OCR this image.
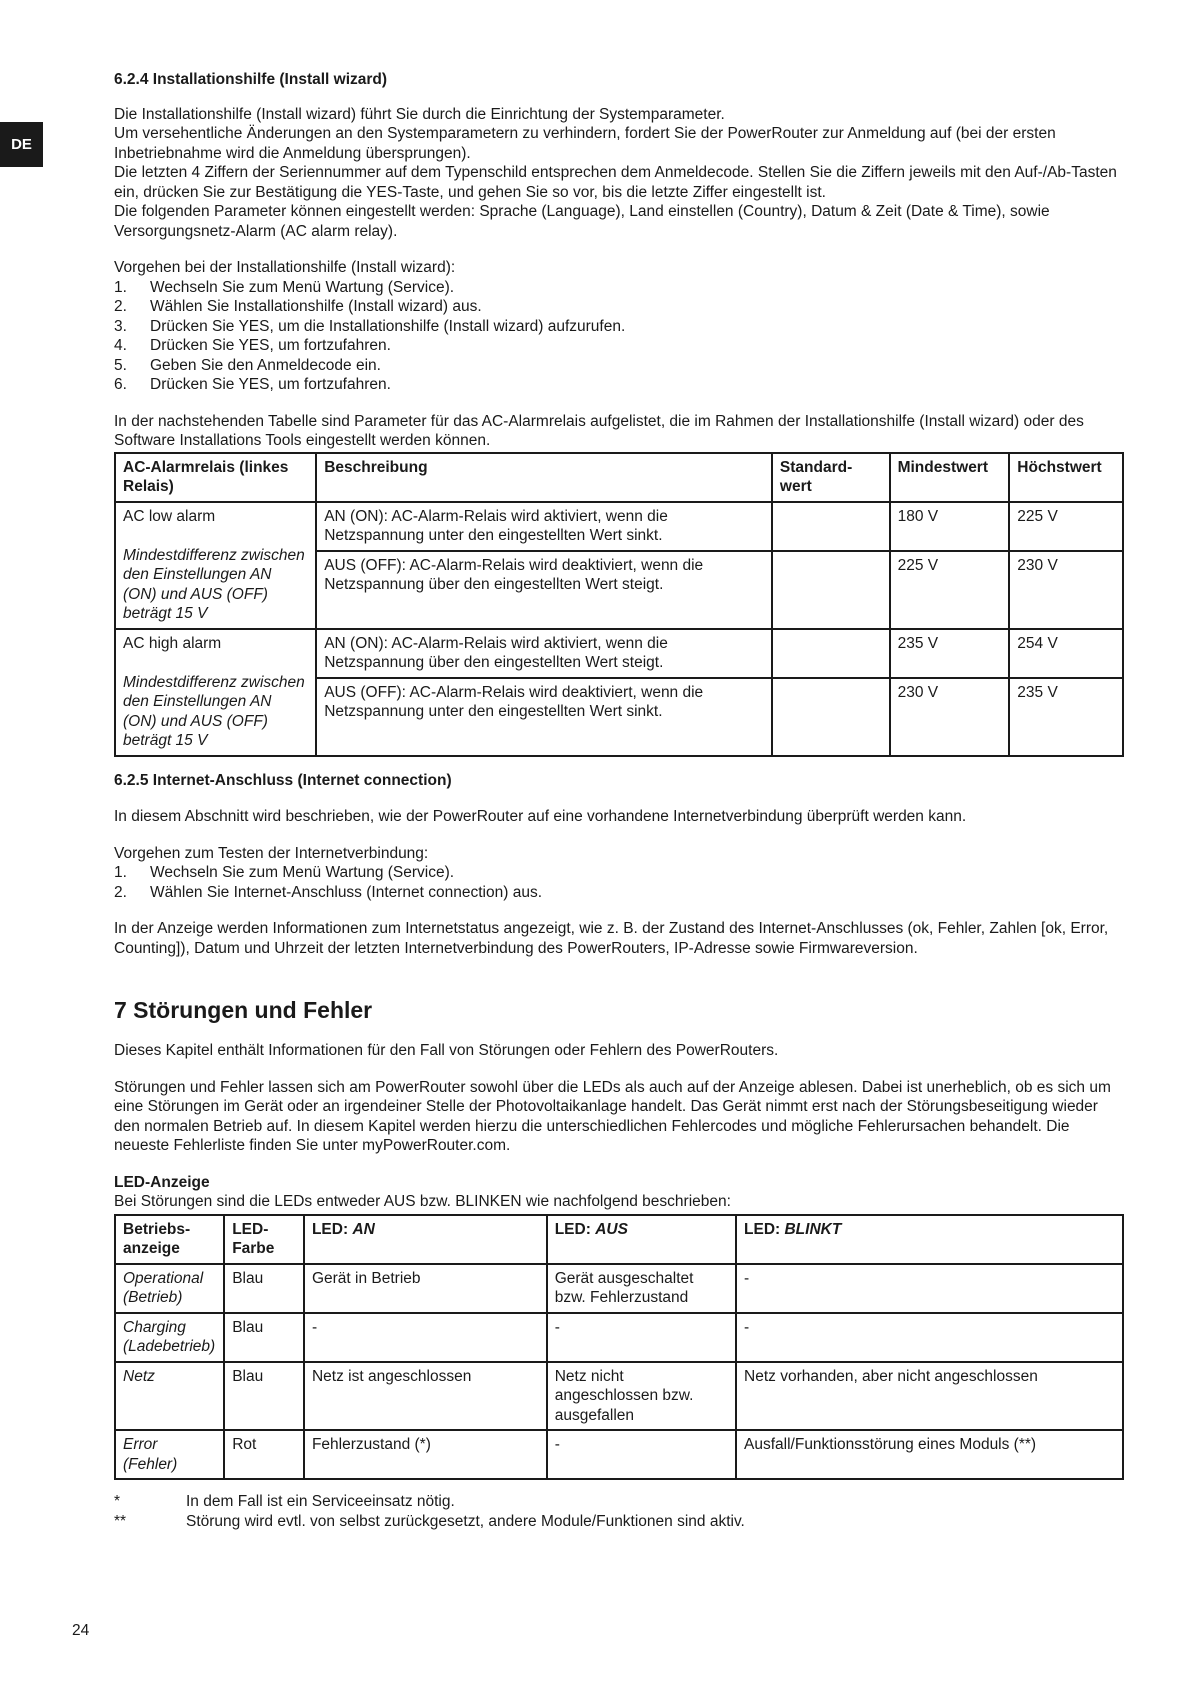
DE
6.2.4 Installationshilfe (Install wizard)

Die Installationshilfe (Install wizard) führt Sie durch die Einrichtung der Systemparameter.

Um versehentliche Änderungen an den Systemparametern zu verhindern, fordert Sie der PowerRouter zur Anmeldung auf (bei der ersten Inbetriebnahme wird die Anmeldung übersprungen).

Die letzten 4 Ziffern der Seriennummer auf dem Typenschild entsprechen dem Anmeldecode. Stellen Sie die Ziffern jeweils mit den Auf-/Ab-Tasten ein, drücken Sie zur Bestätigung die YES-Taste, und gehen Sie so vor, bis die letzte Ziffer eingestellt ist.

Die folgenden Parameter können eingestellt werden: Sprache (Language), Land einstellen (Country), Datum & Zeit (Date & Time), sowie Versorgungsnetz-Alarm (AC alarm relay).

Vorgehen bei der Installationshilfe (Install wizard):

1.	Wechseln Sie zum Menü Wartung (Service).
2.	Wählen Sie Installationshilfe (Install wizard) aus.
3.	Drücken Sie YES, um die Installationshilfe (Install wizard) aufzurufen.
4.	Drücken Sie YES, um fortzufahren.
5.	Geben Sie den Anmeldecode ein.
6.	Drücken Sie YES, um fortzufahren.

In der nachstehenden Tabelle sind Parameter für das AC-Alarmrelais aufgelistet, die im Rahmen der Installationshilfe (Install wizard) oder des Software Installations Tools eingestellt werden können.

AC-Alarmrelais (linkes Relais)	Beschreibung	Standard-wert	Mindestwert	Höchstwert

AC low alarm
Mindestdifferenz zwischen den Einstellungen AN (ON) und AUS (OFF) beträgt 15 V	AN (ON): AC-Alarm-Relais wird aktiviert, wenn die Netzspannung unter den eingestellten Wert sinkt.		180 V	225 V
	AUS (OFF): AC-Alarm-Relais wird deaktiviert, wenn die Netzspannung über den eingestellten Wert steigt.		225 V	230 V

AC high alarm
Mindestdifferenz zwischen den Einstellungen AN (ON) und AUS (OFF) beträgt 15 V	AN (ON): AC-Alarm-Relais wird aktiviert, wenn die Netzspannung über den eingestellten Wert steigt.		235 V	254 V
	AUS (OFF): AC-Alarm-Relais wird deaktiviert, wenn die Netzspannung unter den eingestellten Wert sinkt.		230 V	235 V
6.2.5 Internet-Anschluss (Internet connection)

In diesem Abschnitt wird beschrieben, wie der PowerRouter auf eine vorhandene Internetverbindung überprüft werden kann.

Vorgehen zum Testen der Internetverbindung:

1.	Wechseln Sie zum Menü Wartung (Service).
2.	Wählen Sie Internet-Anschluss (Internet connection) aus.

In der Anzeige werden Informationen zum Internetstatus angezeigt, wie z. B. der Zustand des Internet-Anschlusses (ok, Fehler, Zahlen [ok, Error, Counting]), Datum und Uhrzeit der letzten Internetverbindung des PowerRouters, IP-Adresse sowie Firmwareversion.

7 Störungen und Fehler

Dieses Kapitel enthält Informationen für den Fall von Störungen oder Fehlern des PowerRouters.

Störungen und Fehler lassen sich am PowerRouter sowohl über die LEDs als auch auf der Anzeige ablesen. Dabei ist unerheblich, ob es sich um eine Störungen im Gerät oder an irgendeiner Stelle der Photovoltaikanlage handelt. Das Gerät nimmt erst nach der Störungsbeseitigung wieder den normalen Betrieb auf. In diesem Kapitel werden hierzu die unterschiedlichen Fehlercodes und mögliche Fehlerursachen behandelt. Die neueste Fehlerliste finden Sie unter myPowerRouter.com.

LED-Anzeige

Bei Störungen sind die LEDs entweder AUS bzw. BLINKEN wie nachfolgend beschrieben:

Betriebs-anzeige	LED-Farbe	LED: AN	LED: AUS	LED: BLINKT
Operational (Betrieb)	Blau	Gerät in Betrieb	Gerät ausgeschaltet bzw. Fehlerzustand	-
Charging (Ladebetrieb)	Blau	-	-	-
Netz	Blau	Netz ist angeschlossen	Netz nicht angeschlossen bzw. ausgefallen	Netz vorhanden, aber nicht angeschlossen
Error (Fehler)	Rot	Fehlerzustand (*)	-	Ausfall/Funktionsstörung eines Moduls (**)
*	In dem Fall ist ein Serviceeinsatz nötig.
**	Störung wird evtl. von selbst zurückgesetzt, andere Module/Funktionen sind aktiv.
24
